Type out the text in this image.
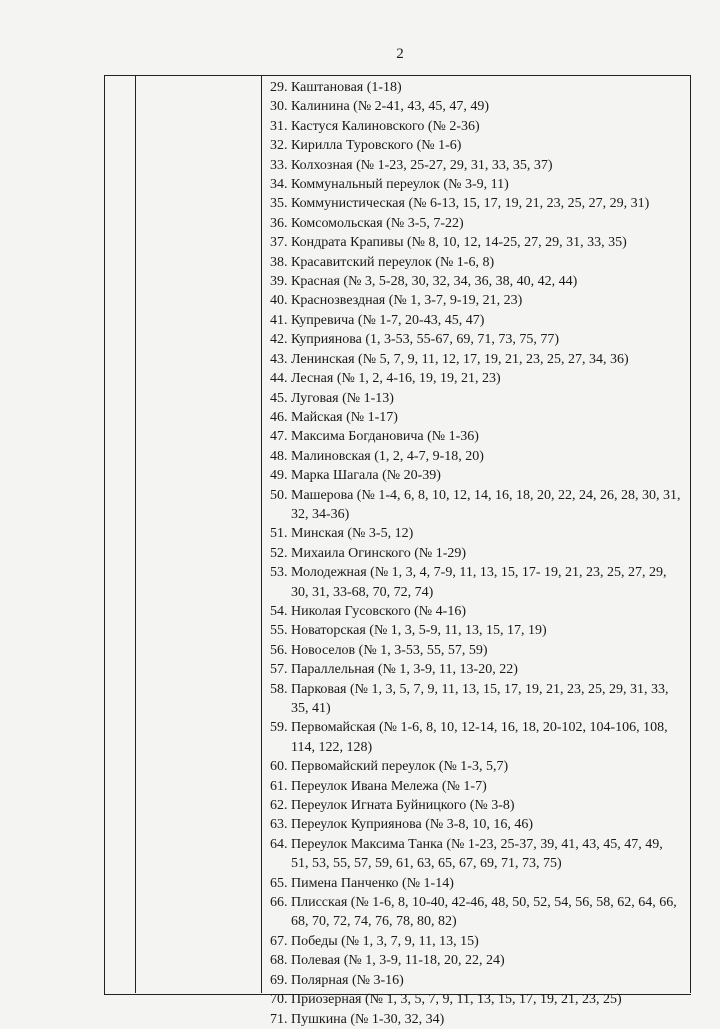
2
29. Каштановая (1-18)
30. Калинина (№ 2-41, 43, 45, 47, 49)
31. Кастуся Калиновского (№ 2-36)
32. Кирилла Туровского (№ 1-6)
33. Колхозная (№ 1-23, 25-27, 29, 31, 33, 35, 37)
34. Коммунальный переулок (№ 3-9, 11)
35. Коммунистическая (№ 6-13, 15, 17, 19, 21, 23, 25, 27, 29, 31)
36. Комсомольская (№ 3-5, 7-22)
37. Кондрата Крапивы (№ 8, 10, 12, 14-25, 27, 29, 31, 33, 35)
38. Красавитский переулок (№ 1-6, 8)
39. Красная (№ 3, 5-28, 30, 32, 34, 36, 38, 40, 42, 44)
40. Краснозвездная (№ 1, 3-7, 9-19, 21, 23)
41. Купревича (№ 1-7, 20-43, 45, 47)
42. Куприянова (1, 3-53, 55-67, 69, 71, 73, 75, 77)
43. Ленинская (№ 5, 7, 9, 11, 12, 17, 19, 21, 23, 25, 27, 34, 36)
44. Лесная (№ 1, 2, 4-16, 19, 19, 21, 23)
45. Луговая (№ 1-13)
46. Майская (№ 1-17)
47. Максима Богдановича (№ 1-36)
48. Малиновская (1, 2, 4-7, 9-18, 20)
49. Марка Шагала (№ 20-39)
50. Машерова (№ 1-4, 6, 8, 10, 12, 14, 16, 18, 20, 22, 24, 26, 28, 30, 31, 32, 34-36)
51. Минская (№ 3-5, 12)
52. Михаила Огинского (№ 1-29)
53. Молодежная (№ 1, 3, 4, 7-9, 11, 13, 15, 17- 19, 21, 23, 25, 27, 29, 30, 31, 33-68, 70, 72, 74)
54. Николая Гусовского (№ 4-16)
55. Новаторская (№ 1, 3, 5-9, 11, 13, 15, 17, 19)
56. Новоселов (№ 1, 3-53, 55, 57, 59)
57. Параллельная (№ 1, 3-9, 11, 13-20, 22)
58. Парковая (№ 1, 3, 5, 7, 9, 11, 13, 15, 17, 19, 21, 23, 25, 29, 31, 33, 35, 41)
59. Первомайская (№ 1-6, 8, 10, 12-14, 16, 18, 20-102, 104-106, 108, 114, 122, 128)
60. Первомайский переулок (№ 1-3, 5,7)
61. Переулок Ивана Мележа (№ 1-7)
62. Переулок Игната Буйницкого (№ 3-8)
63. Переулок Куприянова (№ 3-8, 10, 16, 46)
64. Переулок Максима Танка (№ 1-23, 25-37, 39, 41, 43, 45, 47, 49, 51, 53, 55, 57, 59, 61, 63, 65, 67, 69, 71, 73, 75)
65. Пимена Панченко (№ 1-14)
66. Плисская (№ 1-6, 8, 10-40, 42-46, 48, 50, 52, 54, 56, 58, 62, 64, 66, 68, 70, 72, 74, 76, 78, 80, 82)
67. Победы (№ 1, 3, 7, 9, 11, 13, 15)
68. Полевая (№ 1, 3-9, 11-18, 20, 22, 24)
69. Полярная (№ 3-16)
70. Приозерная (№ 1, 3, 5, 7, 9, 11, 13, 15, 17, 19, 21, 23, 25)
71. Пушкина (№ 1-30, 32, 34)
